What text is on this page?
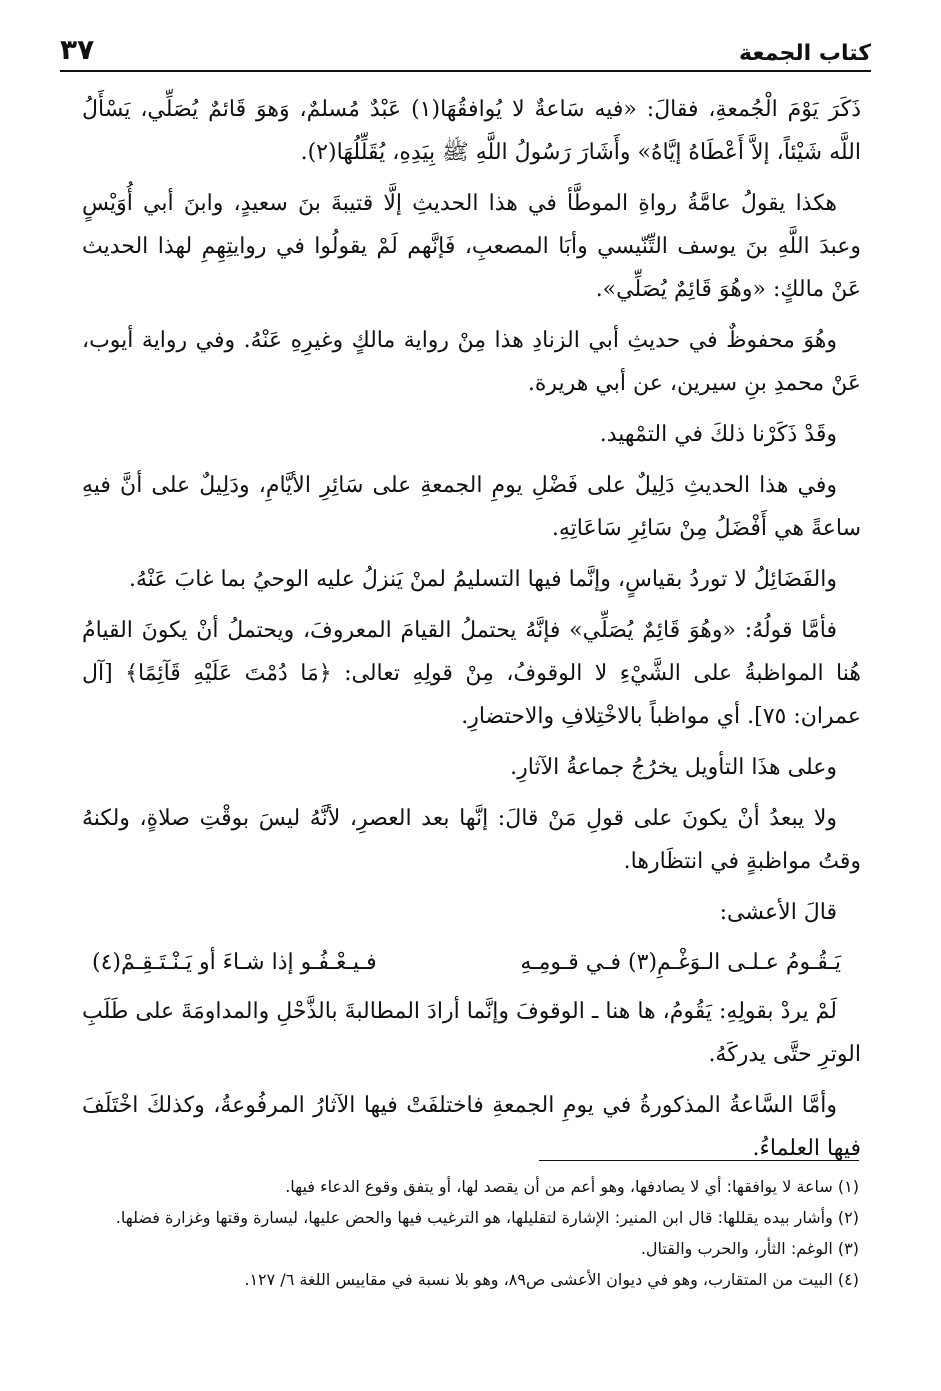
كتاب الجمعة
٣٧

ذَكَرَ يَوْمَ الْجُمعةِ، فقالَ: «فيه سَاعةٌ لا يُوافقُهَا(١) عَبْدٌ مُسلمٌ، وَهوَ قَائمٌ يُصَلِّي، يَسْأَلُ اللَّه شَيْئاً، إلاَّ أَعْطَاهُ إيَّاهُ» وأَشَارَ رَسُولُ اللَّهِ ﷺ بِيَدِهِ، يُقَلِّلُهَا(٢).

هكذا يقولُ عامَّةُ رواةِ الموطَّأ في هذا الحديثِ إلَّا قتيبةَ بنَ سعيدٍ، وابنَ أبي أُوَيْسٍ وعبدَ اللَّهِ بنَ يوسف التِّنّيسي وأبَا المصعبِ، فَإنَّهم لَمْ يقولُوا في روايتِهِمِ لهذا الحديث عَنْ مالكٍ: «وهُوَ قَائِمٌ يُصَلِّي».

وهُوَ محفوظٌ في حديثِ أبي الزنادِ هذا مِنْ رواية مالكٍ وغيرِهِ عَنْهُ. وفي رواية أيوب، عَنْ محمدِ بنِ سيرين، عن أبي هريرة.

وقَدْ ذَكَرْنا ذلكَ في التمْهيد.

وفي هذا الحديثِ دَلِيلٌ على فَضْلِ يومِ الجمعةِ على سَائِرِ الأيَّامِ، ودَلِيلٌ على أنَّ فيهِ ساعةً هي أَفْضَلُ مِنْ سَائِرِ سَاعَاتِهِ.

والفَضَائِلُ لا توردُ بقياسٍ، وإنَّما فيها التسليمُ لمنْ يَنزلُ عليه الوحيُ بما غابَ عَنْهُ.

فأمَّا قولُهُ: «وهُوَ قَائِمٌ يُصَلِّي» فإنَّهُ يحتملُ القيامَ المعروفَ، ويحتملُ أنْ يكونَ القيامُ هُنا المواظبةُ على الشَّيْءِ لا الوقوفُ، مِنْ قولِهِ تعالى: ﴿مَا دُمْتَ عَلَيْهِ قَآئِمًا﴾ [آل عمران: ٧٥]. أي مواظباً بالاخْتِلافِ والاحتضارِ.

وعلى هذَا التأويل يخرُجُ جماعةُ الآثارِ.

ولا يبعدُ أنْ يكونَ على قولِ مَنْ قالَ: إنَّها بعد العصرِ، لأنَّهُ ليسَ بوقْتِ صلاةٍ، ولكنهُ وقتُ مواظبةٍ في انتظَارها.

قالَ الأعشى:

يَـقُـومُ عـلـى الـوَغْـمِ(٣) فـي قـومِـهِ
فـيـعْـفُـو إذا شـاءَ أو يَـنْـتَـقِـمْ(٤)

لَمْ يردْ بقولِهِ: يَقُومُ، ها هنا ـ الوقوفَ وإنَّما أرادَ المطالبةَ بالذَّحْلِ والمداومَةَ على طَلَبِ الوترِ حتَّى يدركَهُ.

وأمَّا السَّاعةُ المذكورةُ في يومِ الجمعةِ فاختلفَتْ فيها الآثارُ المرفُوعةُ، وكذلكَ اخْتَلَفَ فيها العلماءُ.

(١) ساعة لا يوافقها: أي لا يصادفها، وهو أعم من أن يقصد لها، أو يتفق وقوع الدعاء فيها.

(٢) وأشار بيده يقللها: قال ابن المنير: الإشارة لتقليلها، هو الترغيب فيها والحض عليها، ليسارة وقتها وغزارة فضلها.

(٣) الوغم: الثأر، والحرب والقتال.

(٤) البيت من المتقارب، وهو في ديوان الأعشى ص٨٩، وهو بلا نسبة في مقاييس اللغة ٦/ ١٢٧.
